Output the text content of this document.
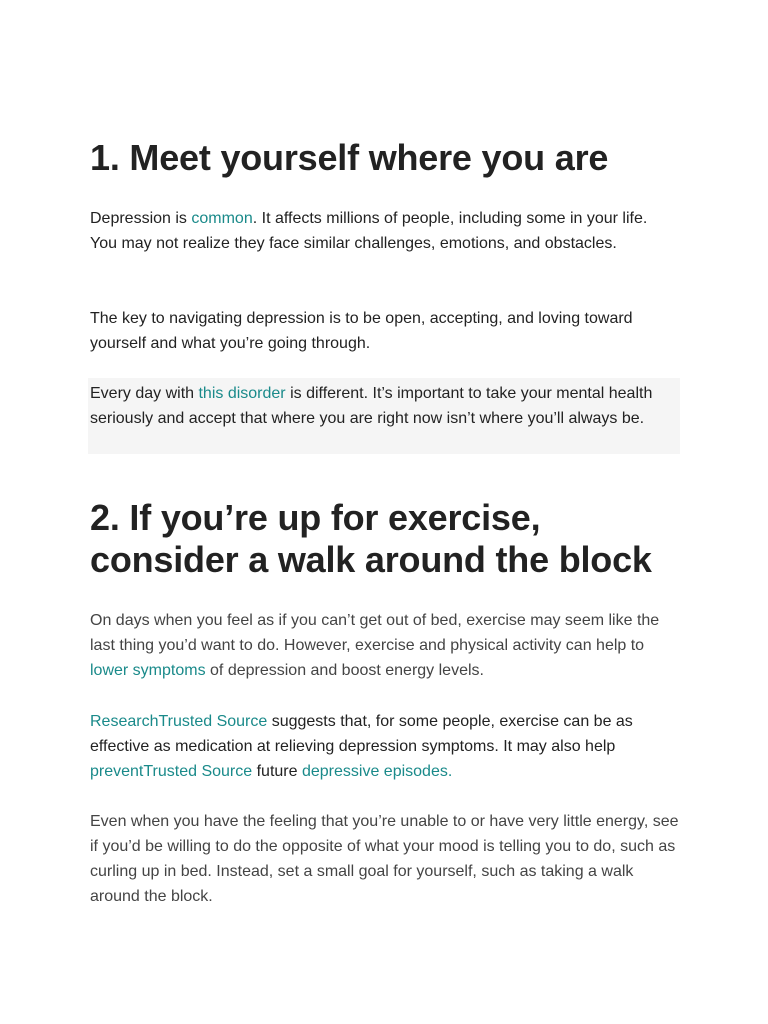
1. Meet yourself where you are

Depression is common. It affects millions of people, including some in your life. You may not realize they face similar challenges, emotions, and obstacles.

The key to navigating depression is to be open, accepting, and loving toward yourself and what you’re going through.

Every day with this disorder is different. It’s important to take your mental health seriously and accept that where you are right now isn’t where you’ll always be.

2. If you’re up for exercise, consider a walk around the block

On days when you feel as if you can’t get out of bed, exercise may seem like the last thing you’d want to do. However, exercise and physical activity can help to lower symptoms of depression and boost energy levels.

ResearchTrusted Source suggests that, for some people, exercise can be as effective as medication at relieving depression symptoms. It may also help preventTrusted Source future depressive episodes.

Even when you have the feeling that you’re unable to or have very little energy, see if you’d be willing to do the opposite of what your mood is telling you to do, such as curling up in bed. Instead, set a small goal for yourself, such as taking a walk around the block.
